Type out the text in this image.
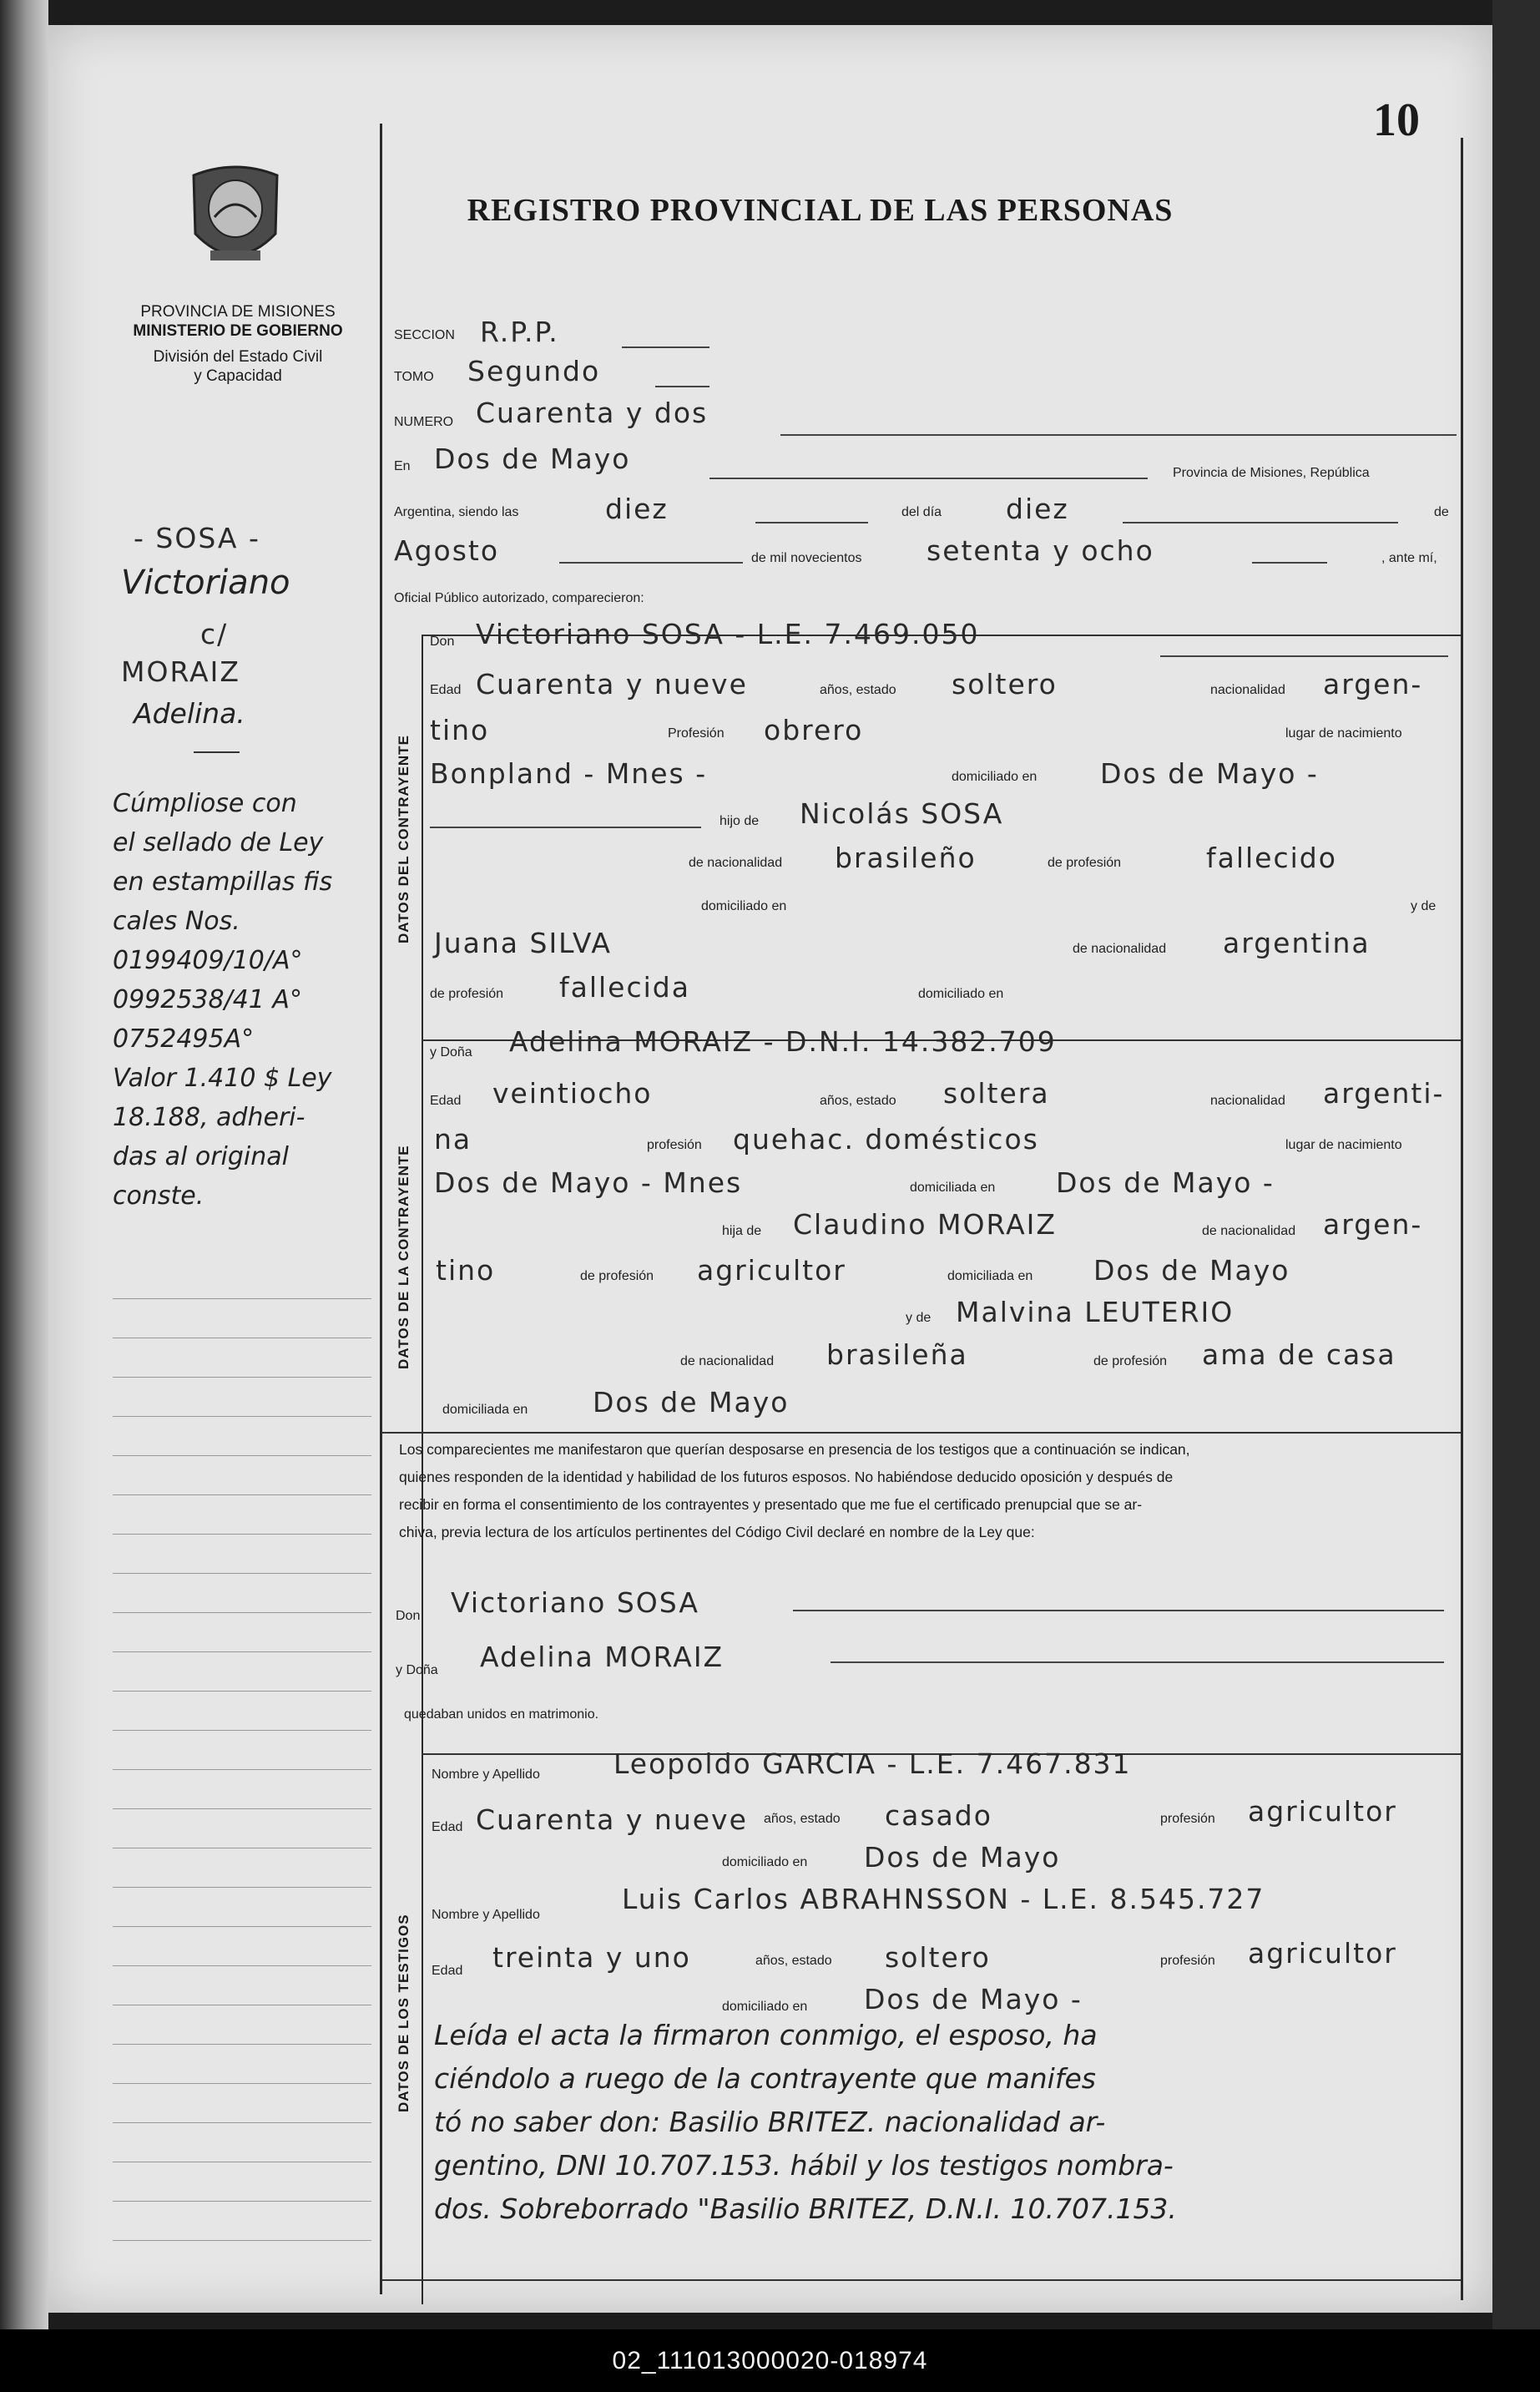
10
PROVINCIA DE MISIONES
MINISTERIO DE GOBIERNO
División del Estado Civil
y Capacidad
REGISTRO PROVINCIAL DE LAS PERSONAS
DATOS DEL CONTRAYENTE
DATOS DE LA CONTRAYENTE
DATOS DE LOS TESTIGOS
SECCION R.P.P.
TOMO Segundo
NUMERO Cuarenta y dos
En Dos de Mayo	Provincia de Misiones, República
Argentina, siendo las	diez	del día diez	de
Agosto	de mil novecientos setenta y ocho	, ante mí,
Oficial Público autorizado, comparecieron:
Don Victoriano SOSA - L.E. 7.469.050
Edad Cuarenta y nueve	años, estado soltero	nacionalidad argen-
tino	Profesión obrero	lugar de nacimiento
Bonpland - Mnes -	domiciliado en Dos de Mayo -
hijo de Nicolás SOSA
de nacionalidad brasileño	de profesión	fallecido
domiciliado en	y de
Juana SILVA	de nacionalidad argentina
de profesión fallecida	domiciliado en
y Doña Adelina MORAIZ - D.N.I. 14.382.709
Edad veintiocho	años, estado soltera	nacionalidad argenti-
na	profesión quehac. domésticos	lugar de nacimiento
Dos de Mayo - Mnes	domiciliada en Dos de Mayo -
hija de Claudino MORAIZ	de nacionalidad argen-
tino	de profesión agricultor	domiciliada en Dos de Mayo
y de Malvina LEUTERIO
de nacionalidad brasileña	de profesión ama de casa
domiciliada en Dos de Mayo
Los comparecientes me manifestaron que querían desposarse en presencia de los testigos que a continuación se indican,
quienes responden de la identidad y habilidad de los futuros esposos. No habiéndose deducido oposición y después de
recibir en forma el consentimiento de los contrayentes y presentado que me fue el certificado prenupcial que se ar-
chiva, previa lectura de los artículos pertinentes del Código Civil declaré en nombre de la Ley que:
Don Victoriano SOSA
y Doña Adelina MORAIZ
quedaban unidos en matrimonio.
Nombre y Apellido	Leopoldo GARCIA - L.E. 7.467.831
Edad Cuarenta y nueve años, estado casado	profesión agricultor
domiciliado en Dos de Mayo
Nombre y Apellido	Luis Carlos ABRAHNSSON - L.E. 8.545.727
Edad treinta y uno	años, estado soltero	profesión agricultor
domiciliado en Dos de Mayo -
Leída el acta la firmaron conmigo, el esposo, ha
ciéndolo a ruego de la contrayente que manifes
tó no saber don: Basilio BRITEZ. nacionalidad ar-
gentino, DNI 10.707.153. hábil y los testigos nombra-
dos. Sobreborrado "Basilio BRITEZ, D.N.I. 10.707.153.
- SOSA -
Victoriano
c/
MORAIZ
Adelina.
Cúmpliose con
el sellado de Ley
en estampillas fis
cales Nos.
0199409/10/A°
0992538/41 A°
0752495A°
Valor 1.410 $ Ley
18.188, adheri-
das al original
conste.
02_111013000020-018974
